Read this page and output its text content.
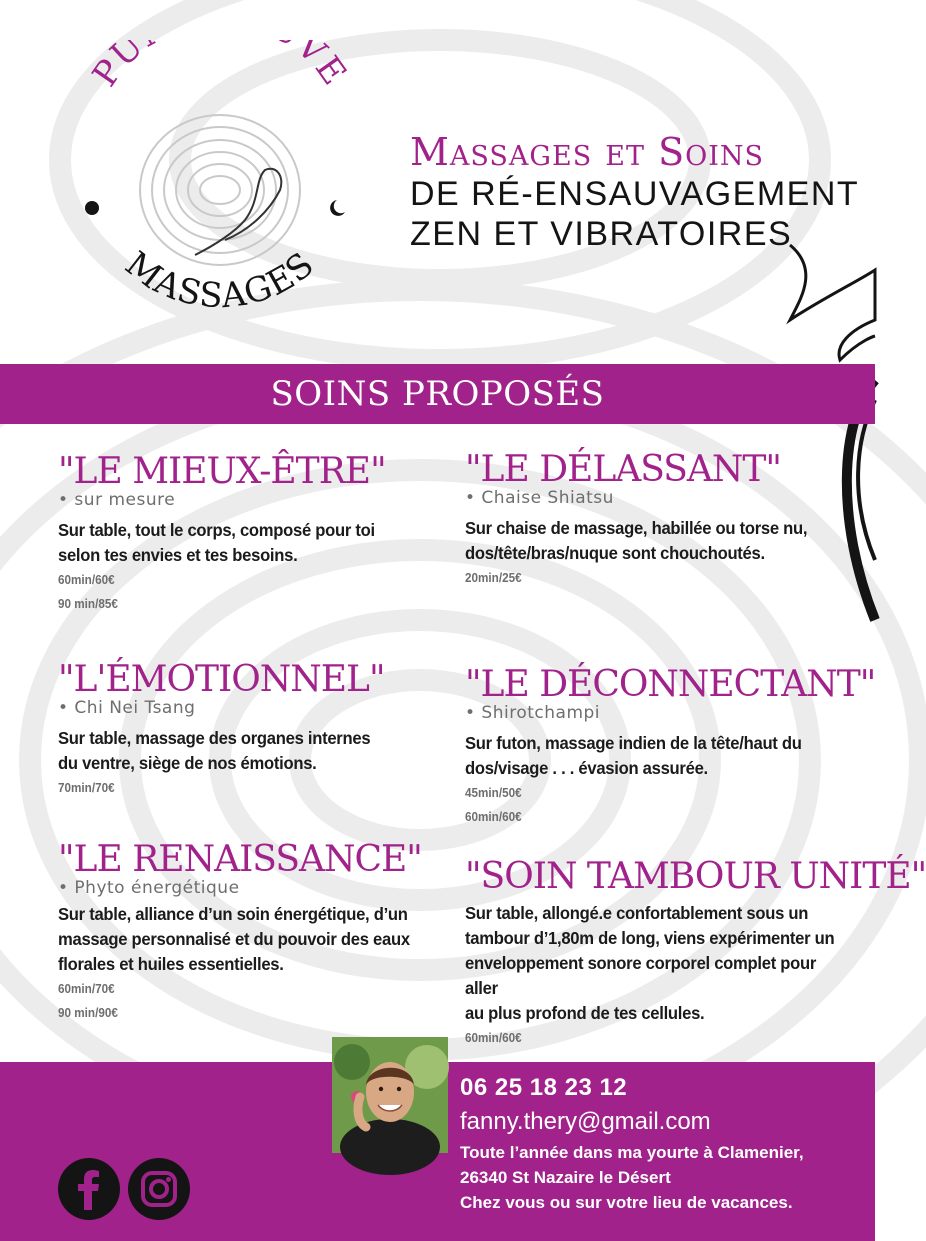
PU VE
MASSAGES
Massages et Soins
DE RÉ-ENSAUVAGEMENT
ZEN ET VIBRATOIRES
SOINS PROPOSÉS
"LE MIEUX-ÊTRE"
• sur mesure
Sur table, tout le corps, composé pour toi
selon tes envies et tes besoins.
60min/60€
90 min/85€
"LE DÉLASSANT"
• Chaise Shiatsu
Sur chaise de massage, habillée ou torse nu,
dos/tête/bras/nuque sont chouchoutés.
20min/25€
"L'ÉMOTIONNEL"
• Chi Nei Tsang
Sur table, massage des organes internes
du ventre, siège de nos émotions.
70min/70€
"LE DÉCONNECTANT"
• Shirotchampi
Sur futon, massage indien de la tête/haut du
dos/visage . . . évasion assurée.
45min/50€
60min/60€
"LE RENAISSANCE"
• Phyto énergétique
Sur table, alliance d’un soin énergétique, d’un
massage personnalisé et du pouvoir des eaux
florales et huiles essentielles.
60min/70€
90 min/90€
"SOIN TAMBOUR UNITÉ"
Sur table, allongé.e confortablement sous un
tambour d’1,80m de long, viens expérimenter un
enveloppement sonore corporel complet pour aller
au plus profond de tes cellules.
60min/60€
06 25 18 23 12
fanny.thery@gmail.com
Toute l’année dans ma yourte à Clamenier,
26340 St Nazaire le Désert
Chez vous ou sur votre lieu de vacances.
